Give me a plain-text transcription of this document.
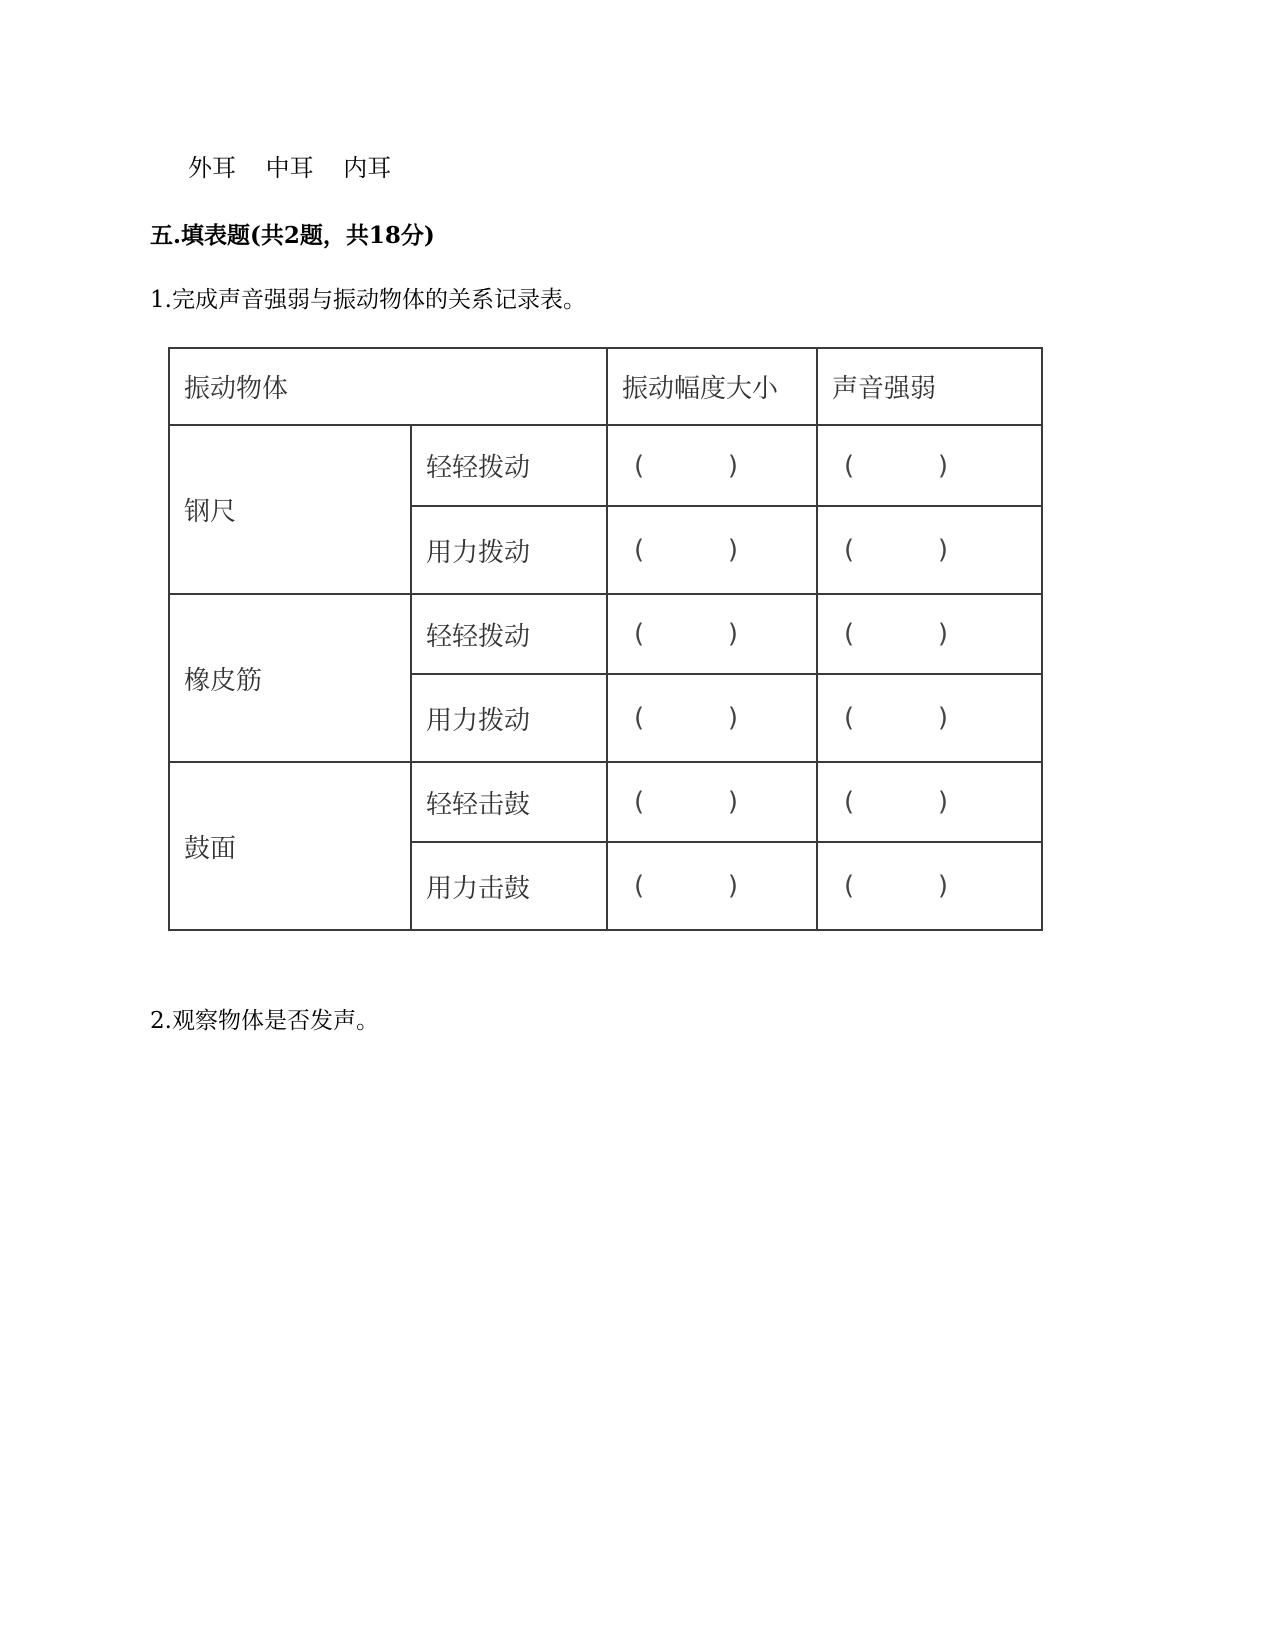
外耳 中耳 内耳
五.填表题(共2题，共18分)
1.完成声音强弱与振动物体的关系记录表。
振动物体		振动幅度大小	声音强弱
钢尺	轻轻拨动	( )	( )

	用力拨动	( )	( )

橡皮筋	轻轻拨动	( )	( )

	用力拨动	( )	( )

鼓面	轻轻击鼓	( )	( )

	用力击鼓	( )	( )
2.观察物体是否发声。
